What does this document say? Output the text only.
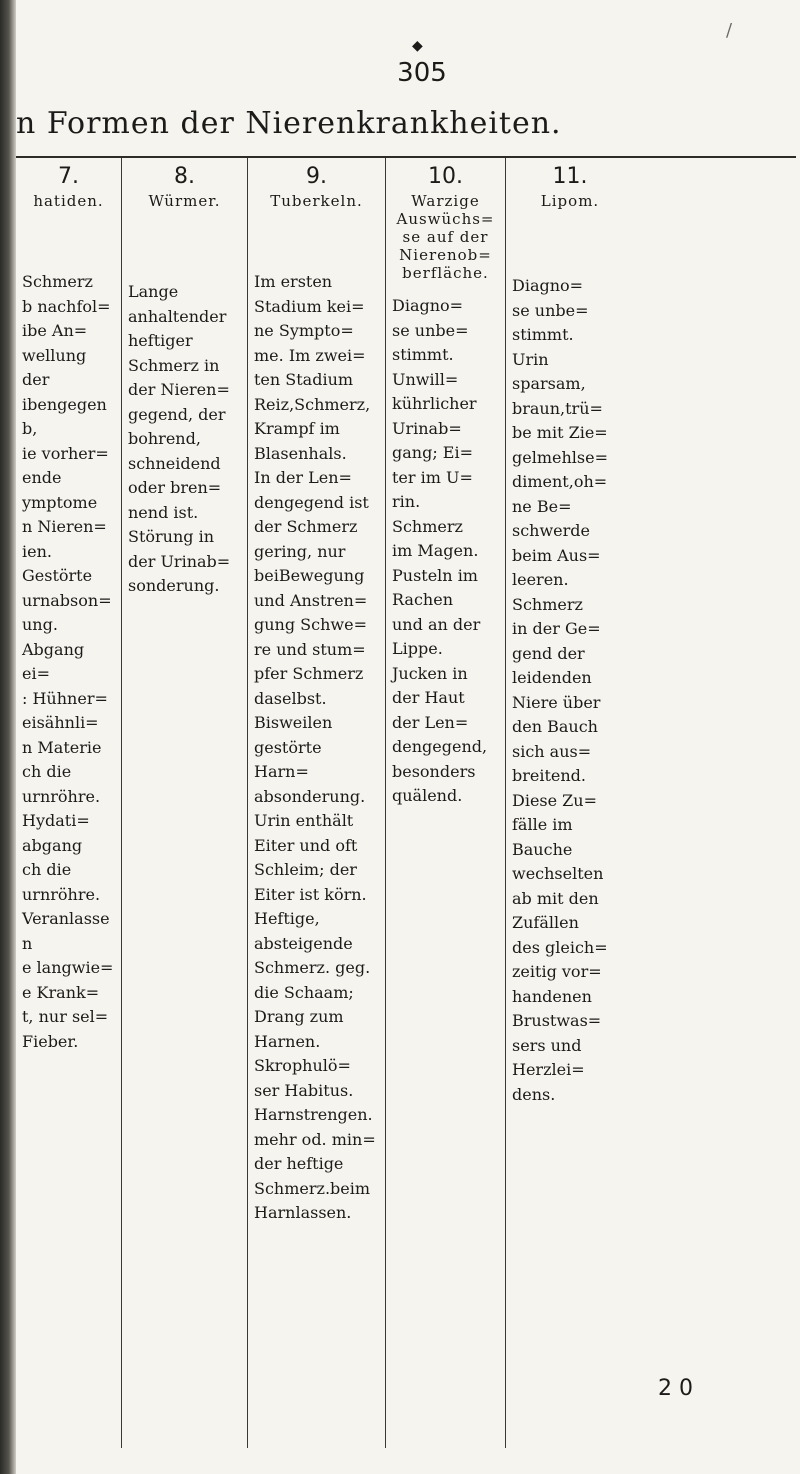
/
◆
305
n Formen der Nierenkrankheiten.
7.
hatiden.
Schmerz
b nachfol=
ibe An=
wellung der
ibengegenb,
ie vorher=
ende
ymptome
n Nieren=
ien.
Gestörte
urnabson=
ung.
Abgang ei=
: Hühner=
eisähnli=
n Materie
ch die
urnröhre.
Hydati=
abgang
ch die
urnröhre.
Veranlassen
e langwie=
e Krank=
t, nur sel=
Fieber.
8.
Würmer.
Lange
anhaltender
heftiger
Schmerz in
der Nieren=
gegend, der
bohrend,
schneidend
oder bren=
nend ist.
Störung in
der Urinab=
sonderung.
9.
Tuberkeln.
Im ersten
Stadium kei=
ne Sympto=
me. Im zwei=
ten Stadium
Reiz,Schmerz,
Krampf im
Blasenhals.
In der Len=
dengegend ist
der Schmerz
gering, nur
beiBewegung
und Anstren=
gung Schwe=
re und stum=
pfer Schmerz
daselbst.
Bisweilen
gestörte Harn=
absonderung.
Urin enthält
Eiter und oft
Schleim; der
Eiter ist körn.
Heftige,
absteigende
Schmerz. geg.
die Schaam;
Drang zum
Harnen.
Skrophulö=
ser Habitus.
Harnstrengen.
mehr od. min=
der heftige
Schmerz.beim
Harnlassen.
10.
Warzige
Auswüchs=
se auf der
Nierenob=
berfläche.
Diagno=
se unbe=
stimmt.
Unwill=
kührlicher
Urinab=
gang; Ei=
ter im U=
rin.
Schmerz
im Magen.
Pusteln im
Rachen
und an der
Lippe.
Jucken in
der Haut
der Len=
dengegend,
besonders
quälend.
11.
Lipom.
Diagno=
se unbe=
stimmt.
Urin
sparsam,
braun,trü=
be mit Zie=
gelmehlse=
diment,oh=
ne Be=
schwerde
beim Aus=
leeren.
Schmerz
in der Ge=
gend der
leidenden
Niere über
den Bauch
sich aus=
breitend.
Diese Zu=
fälle im
Bauche
wechselten
ab mit den
Zufällen
des gleich=
zeitig vor=
handenen
Brustwas=
sers und
Herzlei=
dens.
2 0
